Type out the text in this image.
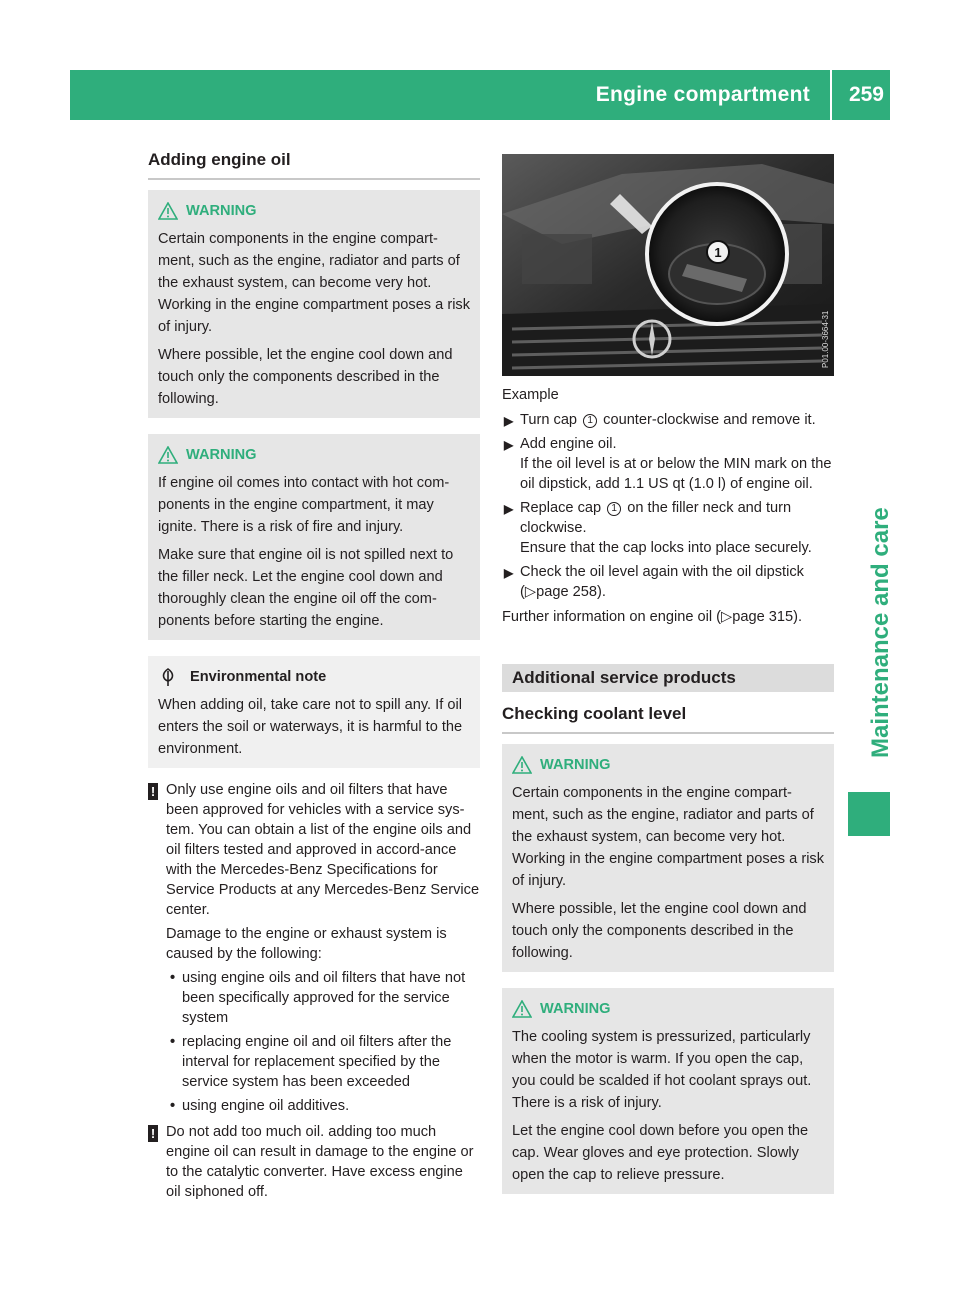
Engine compartment 259
Maintenance and care
Adding engine oil
WARNING

Certain components in the engine compart-ment, such as the engine, radiator and parts of the exhaust system, can become very hot. Working in the engine compartment poses a risk of injury.

Where possible, let the engine cool down and touch only the components described in the following.

WARNING

If engine oil comes into contact with hot com-ponents in the engine compartment, it may ignite. There is a risk of fire and injury.

Make sure that engine oil is not spilled next to the filler neck. Let the engine cool down and thoroughly clean the engine oil off the com-ponents before starting the engine.

Environmental note

When adding oil, take care not to spill any. If oil enters the soil or waterways, it is harmful to the environment.

! Only use engine oils and oil filters that have been approved for vehicles with a service sys-tem. You can obtain a list of the engine oils and oil filters tested and approved in accord-ance with the Mercedes-Benz Specifications for Service Products at any Mercedes-Benz Service center.

Damage to the engine or exhaust system is caused by the following:

• using engine oils and oil filters that have not been specifically approved for the service system

• replacing engine oil and oil filters after the interval for replacement specified by the service system has been exceeded

• using engine oil additives.

! Do not add too much oil. adding too much engine oil can result in damage to the engine or to the catalytic converter. Have excess engine oil siphoned off.

1
P01.00-3664-31

Example

▶ Turn cap 1 counter-clockwise and remove it.

▶ Add engine oil.

If the oil level is at or below the MIN mark on the oil dipstick, add 1.1 US qt (1.0 l) of engine oil.

▶ Replace cap 1 on the filler neck and turn clockwise.

Ensure that the cap locks into place securely.

▶ Check the oil level again with the oil dipstick (▷page 258).

Further information on engine oil (▷page 315).

Additional service products
Checking coolant level
WARNING

Certain components in the engine compart-ment, such as the engine, radiator and parts of the exhaust system, can become very hot. Working in the engine compartment poses a risk of injury.

Where possible, let the engine cool down and touch only the components described in the following.

WARNING

The cooling system is pressurized, particularly when the motor is warm. If you open the cap, you could be scalded if hot coolant sprays out. There is a risk of injury.

Let the engine cool down before you open the cap. Wear gloves and eye protection. Slowly open the cap to relieve pressure.
